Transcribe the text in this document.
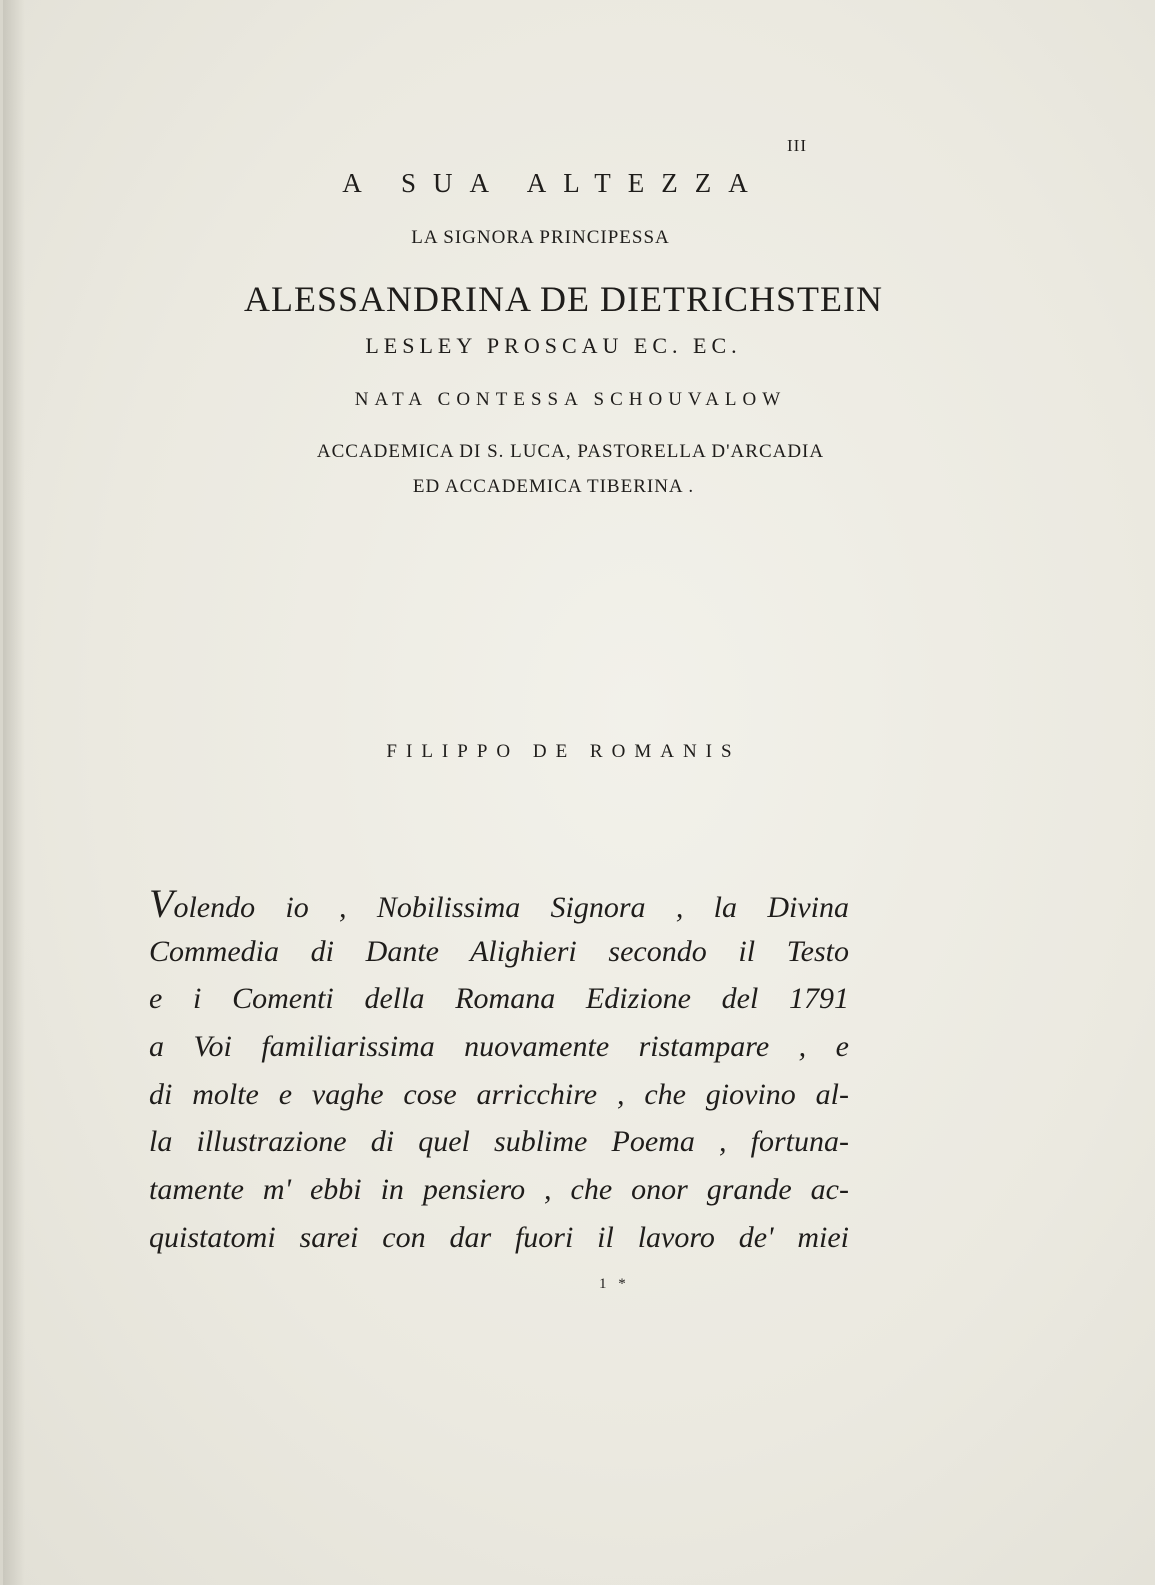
III
A SUA ALTEZZA
LA SIGNORA PRINCIPESSA
ALESSANDRINA DE DIETRICHSTEIN
LESLEY PROSCAU EC. EC.
NATA CONTESSA SCHOUVALOW
ACCADEMICA DI S. LUCA, PASTORELLA D'ARCADIA
ED ACCADEMICA TIBERINA .
FILIPPO DE ROMANIS
Volendo io , Nobilissima Signora , la Divina
Commedia di Dante Alighieri secondo il Testo
e i Comenti della Romana Edizione del 1791
a Voi familiarissima nuovamente ristampare , e
di molte e vaghe cose arricchire , che giovino al-
la illustrazione di quel sublime Poema , fortuna-
tamente m' ebbi in pensiero , che onor grande ac-
quistatomi sarei con dar fuori il lavoro de' miei
1 *
